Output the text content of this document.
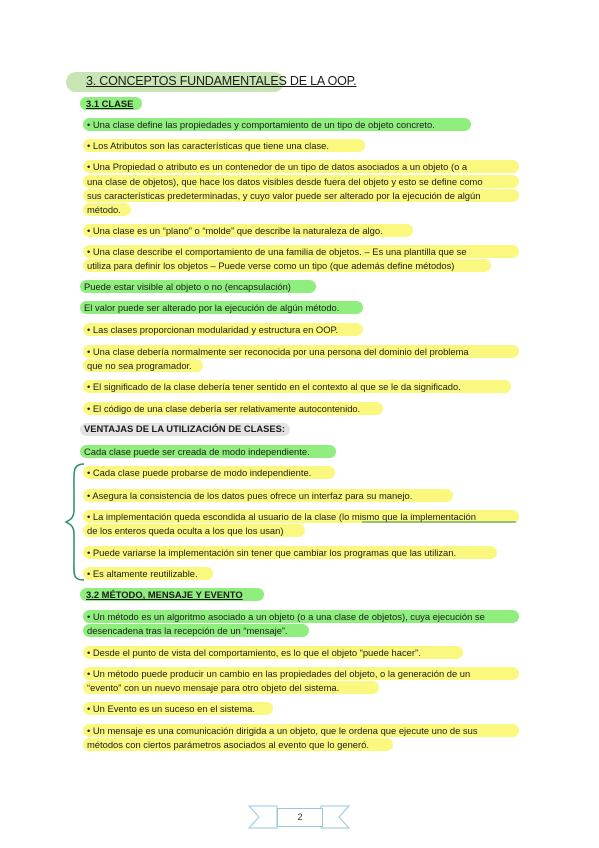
3. CONCEPTOS FUNDAMENTALES DE LA OOP.
3.1 CLASE
• Una clase define las propiedades y comportamiento de un tipo de objeto concreto.
• Los Atributos son las características que tiene una clase.
• Una Propiedad o atributo es un contenedor de un tipo de datos asociados a un objeto (o a
una clase de objetos), que hace los datos visibles desde fuera del objeto y esto se define como
sus características predeterminadas, y cuyo valor puede ser alterado por la ejecución de algún
método.
• Una clase es un “plano” o “molde” que describe la naturaleza de algo.
• Una clase describe el comportamiento de una familia de objetos. – Es una plantilla que se
utiliza para definir los objetos – Puede verse como un tipo (que además define métodos)
Puede estar visible al objeto o no (encapsulación)
El valor puede ser alterado por la ejecución de algún método.
• Las clases proporcionan modularidad y estructura en OOP.
• Una clase debería normalmente ser reconocida por una persona del dominio del problema
que no sea programador.
• El significado de la clase debería tener sentido en el contexto al que se le da significado.
• El código de una clase debería ser relativamente autocontenido.
VENTAJAS DE LA UTILIZACIÓN DE CLASES:
Cada clase puede ser creada de modo independiente.
• Cada clase puede probarse de modo independiente.
• Asegura la consistencia de los datos pues ofrece un interfaz para su manejo.
• La implementación queda escondida al usuario de la clase (lo mismo que la implementación
de los enteros queda oculta a los que los usan)
• Puede variarse la implementación sin tener que cambiar los programas que las utilizan.
• Es altamente reutilizable.
3.2 MÉTODO, MENSAJE Y EVENTO
• Un método es un algoritmo asociado a un objeto (o a una clase de objetos), cuya ejecución se
desencadena tras la recepción de un “mensaje”.
• Desde el punto de vista del comportamiento, es lo que el objeto “puede hacer”.
• Un método puede producir un cambio en las propiedades del objeto, o la generación de un
“evento” con un nuevo mensaje para otro objeto del sistema.
• Un Evento es un suceso en el sistema.
• Un mensaje es una comunicación dirigida a un objeto, que le ordena que ejecute uno de sus
métodos con ciertos parámetros asociados al evento que lo generó.
2
